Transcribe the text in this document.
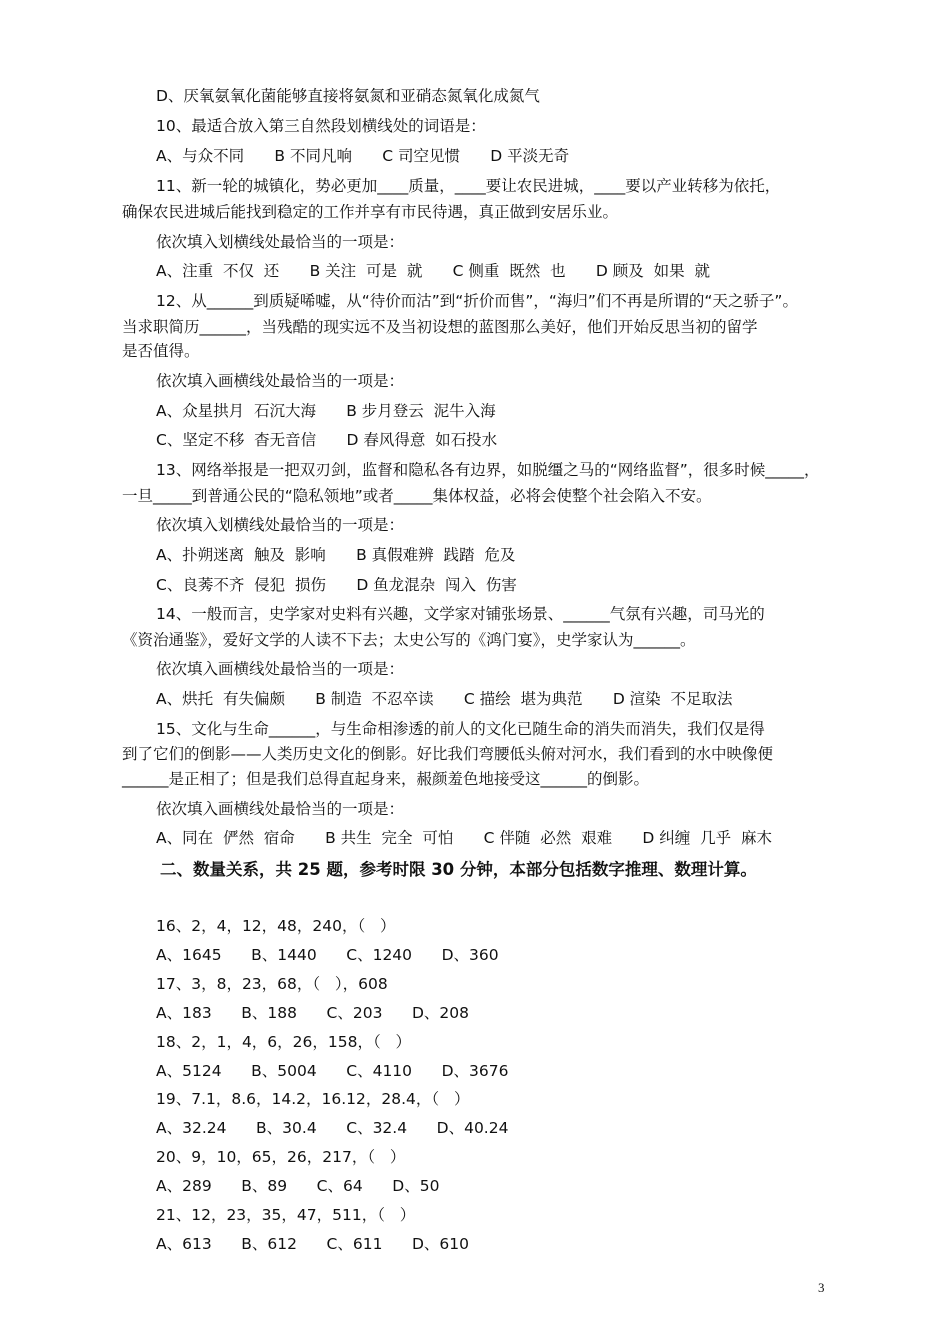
D、厌氧氨氧化菌能够直接将氨氮和亚硝态氮氧化成氮气
10、最适合放入第三自然段划横线处的词语是：
A、与众不同　   B 不同凡响　   C 司空见惯　   D 平淡无奇
11、新一轮的城镇化，势必更加____质量，____要让农民进城，____要以产业转移为依托，
确保农民进城后能找到稳定的工作并享有市民待遇，真正做到安居乐业。
依次填入划横线处最恰当的一项是：
A、注重  不仅  还　   B 关注  可是  就　   C 侧重  既然  也　   D 顾及  如果  就
12、从______到质疑唏嘘，从“待价而沽”到“折价而售”，“海归”们不再是所谓的“天之骄子”。
当求职简历______，当残酷的现实远不及当初设想的蓝图那么美好，他们开始反思当初的留学
是否值得。
依次填入画横线处最恰当的一项是：
A、众星拱月  石沉大海　   B 步月登云  泥牛入海
C、坚定不移  杳无音信　   D 春风得意  如石投水
13、网络举报是一把双刃剑，监督和隐私各有边界，如脱缰之马的“网络监督”，很多时候_____，
一旦_____到普通公民的“隐私领地”或者_____集体权益，必将会使整个社会陷入不安。
依次填入划横线处最恰当的一项是：
A、扑朔迷离  触及  影响　   B 真假难辨  践踏  危及
C、良莠不齐  侵犯  损伤　   D 鱼龙混杂  闯入  伤害
14、一般而言，史学家对史料有兴趣，文学家对铺张场景、______气氛有兴趣，司马光的
《资治通鉴》，爱好文学的人读不下去；太史公写的《鸿门宴》，史学家认为______。
依次填入画横线处最恰当的一项是：
A、烘托  有失偏颇　   B 制造  不忍卒读　   C 描绘  堪为典范　   D 渲染  不足取法
15、文化与生命______，与生命相渗透的前人的文化已随生命的消失而消失，我们仅是得
到了它们的倒影——人类历史文化的倒影。好比我们弯腰低头俯对河水，我们看到的水中映像便
______是正相了；但是我们总得直起身来，赧颜羞色地接受这______的倒影。
依次填入画横线处最恰当的一项是：
A、同在  俨然  宿命　   B 共生  完全  可怕　   C 伴随  必然  艰难　   D 纠缠  几乎  麻木
二、数量关系，共 25 题，参考时限 30 分钟，本部分包括数字推理、数理计算。
16、2，4，12，48，240，（   ）
A、1645      B、1440      C、1240      D、360
17、3，8，23，68，（   ），608
A、183      B、188      C、203      D、208
18、2，1，4，6，26，158，（   ）
A、5124      B、5004      C、4110      D、3676
19、7.1，8.6，14.2，16.12，28.4，（   ）
A、32.24      B、30.4      C、32.4      D、40.24
20、9，10，65，26，217，（   ）
A、289      B、89      C、64      D、50
21、12，23，35，47，511，（   ）
A、613      B、612      C、611      D、610
3
